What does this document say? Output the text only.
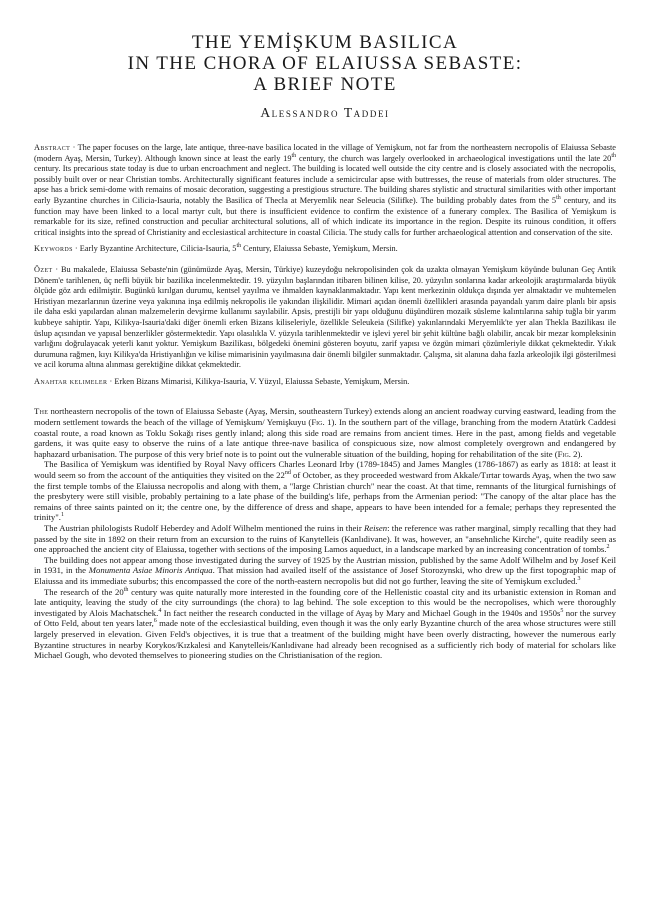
THE YEMİŞKUM BASILICA
IN THE CHORA OF ELAIUSSA SEBASTE:
A BRIEF NOTE
Alessandro Taddei

Abstract · The paper focuses on the large, late antique, three-nave basilica located in the village of Yemişkum, not far from the northeastern necropolis of Elaiussa Sebaste (modern Ayaş, Mersin, Turkey). Although known since at least the early 19th century, the church was largely overlooked in archaeological investigations until the late 20th century. Its precarious state today is due to urban encroachment and neglect. The building is located well outside the city centre and is closely associated with the necropolis, possibly built over or near Christian tombs. Architecturally significant features include a semicircular apse with buttresses, the reuse of materials from older structures. The apse has a brick semi-dome with remains of mosaic decoration, suggesting a prestigious structure. The building shares stylistic and structural similarities with other important early Byzantine churches in Cilicia-Isauria, notably the Basilica of Thecla at Meryemlik near Seleucia (Silifke). The building probably dates from the 5th century, and its function may have been linked to a local martyr cult, but there is insufficient evidence to confirm the existence of a funerary complex. The Basilica of Yemişkum is remarkable for its size, refined construction and peculiar architectural solutions, all of which indicate its importance in the region. Despite its ruinous condition, it offers critical insights into the spread of Christianity and ecclesiastical architecture in coastal Cilicia. The study calls for further archaeological attention and conservation of the site.

Keywords · Early Byzantine Architecture, Cilicia-Isauria, 5th Century, Elaiussa Sebaste, Yemişkum, Mersin.

Özet · Bu makalede, Elaiussa Sebaste'nin (günümüzde Ayaş, Mersin, Türkiye) kuzeydoğu nekropolisinden çok da uzakta olmayan Yemişkum köyünde bulunan Geç Antik Dönem'e tarihlenen, üç nefli büyük bir bazilika incelenmektedir. 19. yüzyılın başlarından itibaren bilinen kilise, 20. yüzyılın sonlarına kadar arkeolojik araştırmalarda büyük ölçüde göz ardı edilmiştir. Bugünkü kırılgan durumu, kentsel yayılma ve ihmalden kaynaklanmaktadır. Yapı kent merkezinin oldukça dışında yer almaktadır ve muhtemelen Hristiyan mezarlarının üzerine veya yakınına inşa edilmiş nekropolis ile yakından ilişkilidir. Mimari açıdan önemli özellikleri arasında payandalı yarım daire planlı bir apsis ile daha eski yapılardan alınan malzemelerin devşirme kullanımı sayılabilir. Apsis, prestijli bir yapı olduğunu düşündüren mozaik süsleme kalıntılarına sahip tuğla bir yarım kubbeye sahiptir. Yapı, Kilikya-Isauria'daki diğer önemli erken Bizans kiliseleriyle, özellikle Seleukeia (Silifke) yakınlarındaki Meryemlik'te yer alan Thekla Bazilikası ile üslup açısından ve yapısal benzerlikler göstermektedir. Yapı olasılıkla V. yüzyıla tarihlenmektedir ve işlevi yerel bir şehit kültüne bağlı olabilir, ancak bir mezar kompleksinin varlığını doğrulayacak yeterli kanıt yoktur. Yemişkum Bazilikası, bölgedeki önemini gösteren boyutu, zarif yapısı ve özgün mimari çözümleriyle dikkat çekmektedir. Yıkık durumuna rağmen, kıyı Kilikya'da Hristiyanlığın ve kilise mimarisinin yayılmasına dair önemli bilgiler sunmaktadır. Çalışma, sit alanına daha fazla arkeolojik ilgi gösterilmesi ve acil koruma altına alınması gerektiğine dikkat çekmektedir.

Anahtar kelimeler · Erken Bizans Mimarisi, Kilikya-Isauria, V. Yüzyıl, Elaiussa Sebaste, Yemişkum, Mersin.

The northeastern necropolis of the town of Elaiussa Sebaste (Ayaş, Mersin, southeastern Turkey) extends along an ancient roadway curving eastward, leading from the modern settlement towards the beach of the village of Yemişkum/ Yemişkuyu (Fig. 1). In the southern part of the village, branching from the modern Atatürk Caddesi coastal route, a road known as Toklu Sokağı rises gently inland; along this side road are remains from ancient times. Here in the past, among fields and vegetable gardens, it was quite easy to observe the ruins of a late antique three-nave basilica of conspicuous size, now almost completely overgrown and endangered by haphazard urbanisation. The purpose of this very brief note is to point out the vulnerable situation of the building, hoping for rehabilitation of the site (Fig. 2).

The Basilica of Yemişkum was identified by Royal Navy officers Charles Leonard Irby (1789-1845) and James Mangles (1786-1867) as early as 1818: at least it would seem so from the account of the antiquities they visited on the 22nd of October, as they proceeded westward from Akkale/Tırtar towards Ayaş, when the two saw the first temple tombs of the Elaiussa necropolis and along with them, a "large Christian church" near the coast. At that time, remnants of the liturgical furnishings of the presbytery were still visible, probably pertaining to a late phase of the building's life, perhaps from the Armenian period: "The canopy of the altar place has the remains of three saints painted on it; the centre one, by the difference of dress and shape, appears to have been intended for a female; perhaps they represented the trinity".$^1$

The Austrian philologists Rudolf Heberdey and Adolf Wilhelm mentioned the ruins in their Reisen: the reference was rather marginal, simply recalling that they had passed by the site in 1892 on their return from an excursion to the ruins of Kanytelleis (Kanlıdivane). It was, however, an "ansehnliche Kirche", quite readily seen as one approached the ancient city of Elaiussa, together with sections of the imposing Lamos aqueduct, in a landscape marked by an increasing concentration of tombs.$^2$

The building does not appear among those investigated during the survey of 1925 by the Austrian mission, published by the same Adolf Wilhelm and by Josef Keil in 1931, in the Monumenta Asiae Minoris Antiqua. That mission had availed itself of the assistance of Josef Storozynski, who drew up the first topographic map of Elaiussa and its immediate suburbs; this encompassed the core of the north-eastern necropolis but did not go further, leaving the site of Yemişkum excluded.$^3$

The research of the 20th century was quite naturally more interested in the founding core of the Hellenistic coastal city and its urbanistic extension in Roman and late antiquity, leaving the study of the city surroundings (the chora) to lag behind. The sole exception to this would be the necropolises, which were thoroughly investigated by Alois Machatschek.$^4$ In fact neither the research conducted in the village of Ayaş by Mary and Michael Gough in the 1940s and $1950s^5$ nor the survey of Otto Feld, about ten years later,$^6$ made note of the ecclesiastical building, even though it was the only early Byzantine church of the area whose structures were still largely preserved in elevation. Given Feld's objectives, it is true that a treatment of the building might have been overly distracting, however the numerous early Byzantine structures in nearby Korykos/Kızkalesi and Kanytelleis/Kanlıdivane had already been recognised as a sufficiently rich body of material for scholars like Michael Gough, who devoted themselves to pioneering studies on the Christianisation of the region.
